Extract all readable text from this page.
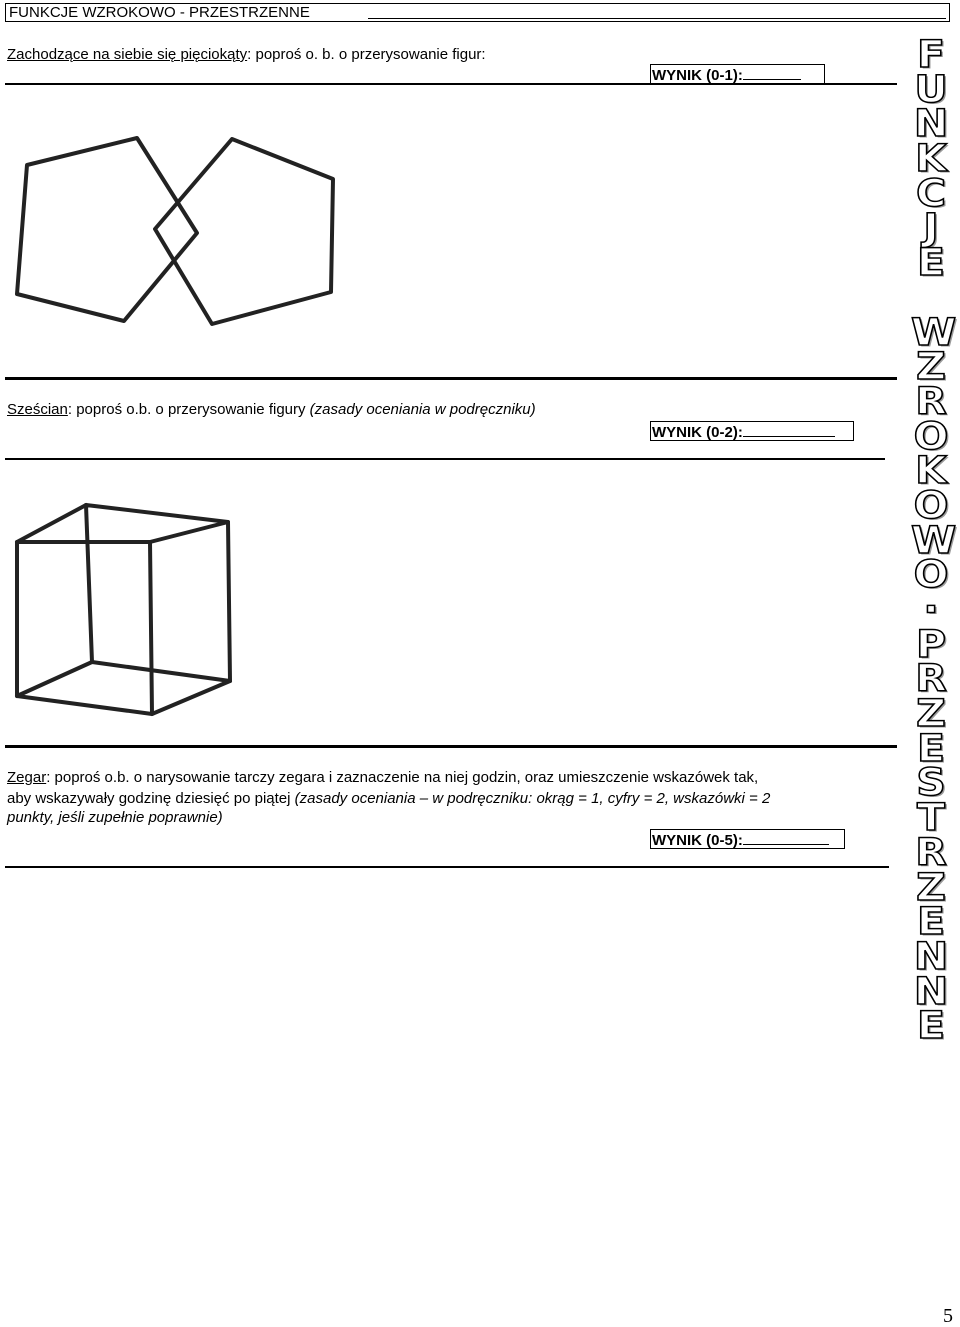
FUNKCJE WZROKOWO - PRZESTRZENNE
Zachodzące na siebie się pięciokąty: poproś o. b. o przerysowanie figur:
WYNIK (0-1):
Sześcian: poproś o.b. o przerysowanie figury (zasady oceniania w podręczniku)
WYNIK (0-2):
Zegar: poproś o.b. o narysowanie tarczy zegara i zaznaczenie na niej godzin, oraz umieszczenie wskazówek tak,
aby wskazywały godzinę dziesięć po piątej (zasady oceniania – w podręczniku: okrąg = 1, cyfry = 2, wskazówki = 2
punkty, jeśli zupełnie poprawnie)
WYNIK (0-5):
F
U
N
K
C
J
E
W
Z
R
O
K
O
W
O
·
P
R
Z
E
S
T
R
Z
E
N
N
E
5
